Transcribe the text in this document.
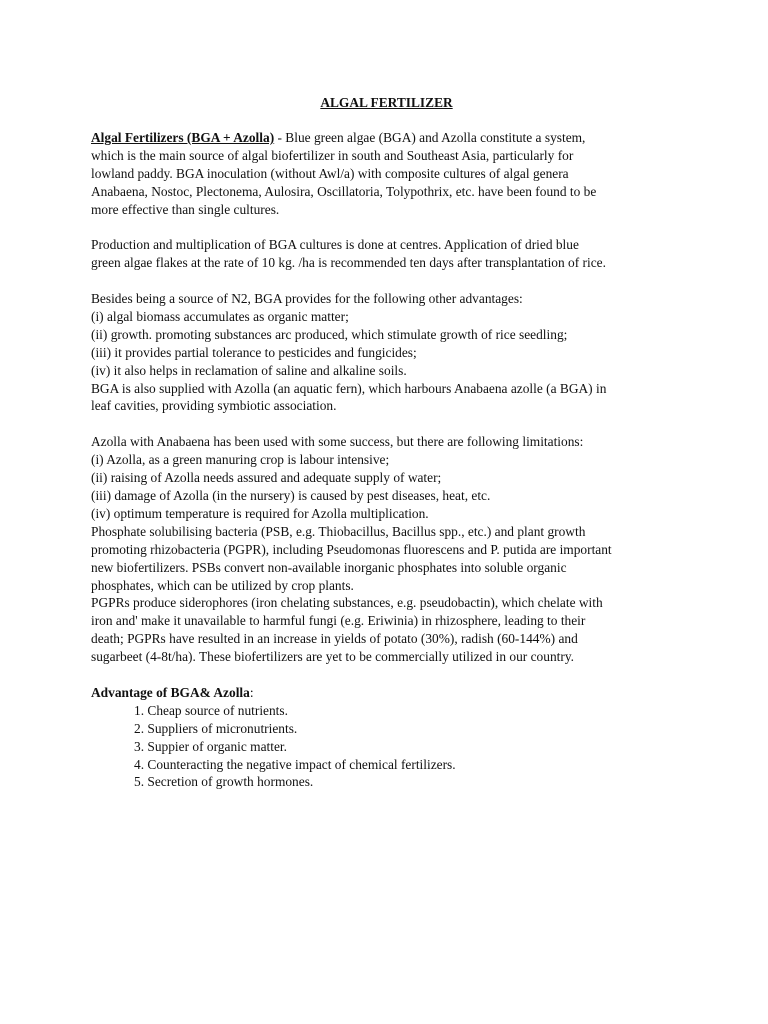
ALGAL FERTILIZER

Algal Fertilizers (BGA + Azolla) - Blue green algae (BGA) and Azolla constitute a system,
which is the main source of algal biofertilizer in south and Southeast Asia, particularly for
lowland paddy. BGA inoculation (without Awl/a) with composite cultures of algal genera
Anabaena, Nostoc, Plectonema, Aulosira, Oscillatoria, Tolypothrix, etc. have been found to be
more effective than single cultures.

Production and multiplication of BGA cultures is done at centres. Application of dried blue
green algae flakes at the rate of 10 kg. /ha is recommended ten days after transplantation of rice.

Besides being a source of N2, BGA provides for the following other advantages:
(i) algal biomass accumulates as organic matter;
(ii) growth. promoting substances arc produced, which stimulate growth of rice seedling;
(iii) it provides partial tolerance to pesticides and fungicides;
(iv) it also helps in reclamation of saline and alkaline soils.
BGA is also supplied with Azolla (an aquatic fern), which harbours Anabaena azolle (a BGA) in
leaf cavities, providing symbiotic association.

Azolla with Anabaena has been used with some success, but there are following limitations:
(i) Azolla, as a green manuring crop is labour intensive;
(ii) raising of Azolla needs assured and adequate supply of water;
(iii) damage of Azolla (in the nursery) is caused by pest diseases, heat, etc.
(iv) optimum temperature is required for Azolla multiplication.
Phosphate solubilising bacteria (PSB, e.g. Thiobacillus, Bacillus spp., etc.) and plant growth
promoting rhizobacteria (PGPR), including Pseudomonas fluorescens and P. putida are important
new biofertilizers. PSBs convert non-available inorganic phosphates into soluble organic
phosphates, which can be utilized by crop plants.
PGPRs produce siderophores (iron chelating substances, e.g. pseudobactin), which chelate with
iron and' make it unavailable to harmful fungi (e.g. Eriwinia) in rhizosphere, leading to their
death; PGPRs have resulted in an increase in yields of potato (30%), radish (60-144%) and
sugarbeet (4-8t/ha). These biofertilizers are yet to be commercially utilized in our country.

Advantage of BGA& Azolla:

1. Cheap source of nutrients.
2. Suppliers of micronutrients.
3. Suppier of organic matter.
4. Counteracting the negative impact of chemical fertilizers.
5. Secretion of growth hormones.
